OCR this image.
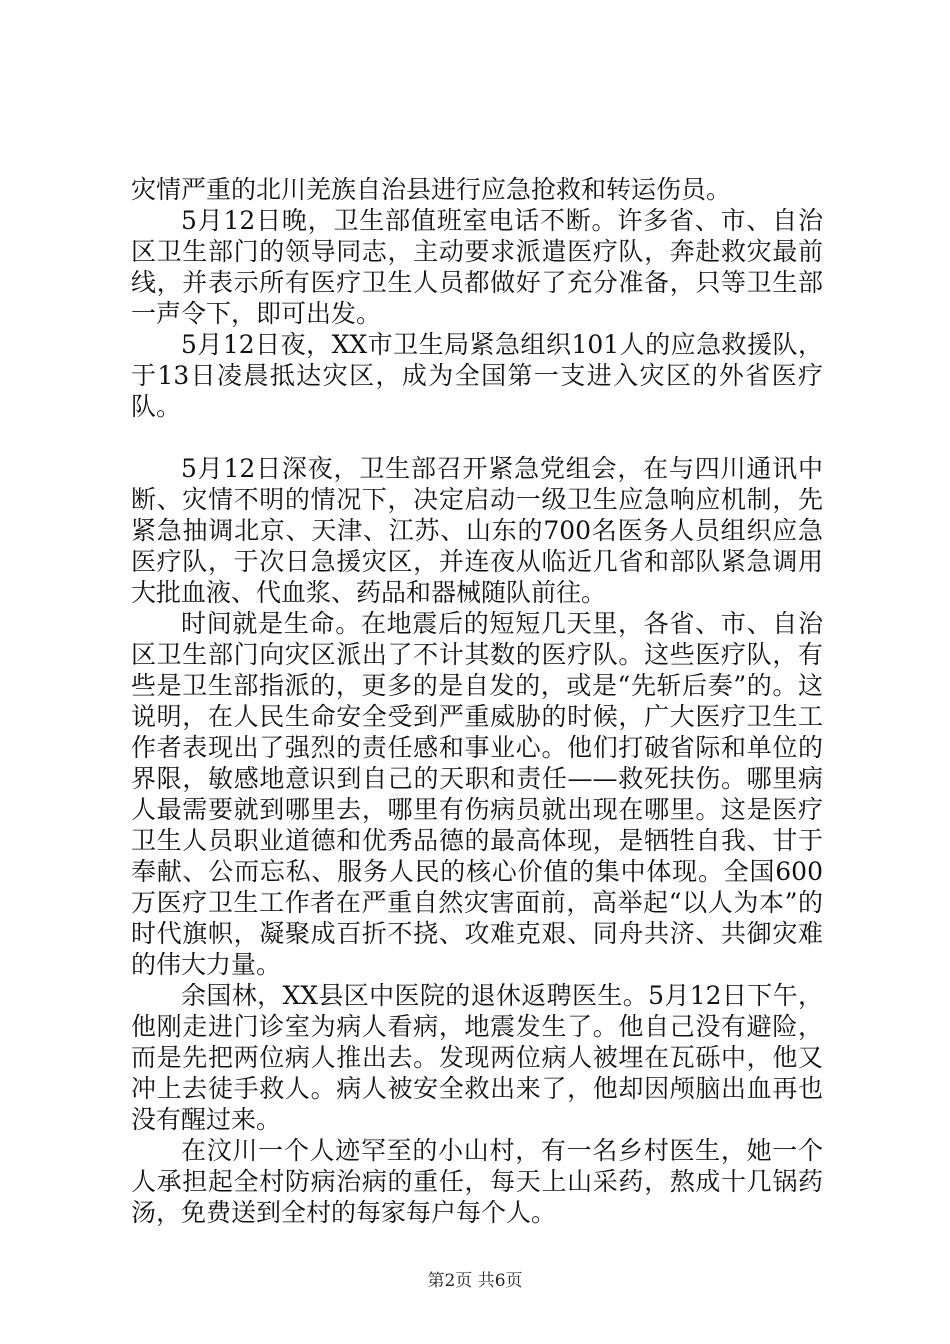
灾情严重的北川羌族自治县进行应急抢救和转运伤员。

5月12日晚，卫生部值班室电话不断。许多省、市、自治区卫生部门的领导同志，主动要求派遣医疗队，奔赴救灾最前线，并表示所有医疗卫生人员都做好了充分准备，只等卫生部一声令下，即可出发。

5月12日夜，XX市卫生局紧急组织101人的应急救援队，于13日凌晨抵达灾区，成为全国第一支进入灾区的外省医疗队。

5月12日深夜，卫生部召开紧急党组会，在与四川通讯中断、灾情不明的情况下，决定启动一级卫生应急响应机制，先紧急抽调北京、天津、江苏、山东的700名医务人员组织应急医疗队，于次日急援灾区，并连夜从临近几省和部队紧急调用大批血液、代血浆、药品和器械随队前往。

时间就是生命。在地震后的短短几天里，各省、市、自治区卫生部门向灾区派出了不计其数的医疗队。这些医疗队，有些是卫生部指派的，更多的是自发的，或是“先斩后奏”的。这说明，在人民生命安全受到严重威胁的时候，广大医疗卫生工作者表现出了强烈的责任感和事业心。他们打破省际和单位的界限，敏感地意识到自己的天职和责任——救死扶伤。哪里病人最需要就到哪里去，哪里有伤病员就出现在哪里。这是医疗卫生人员职业道德和优秀品德的最高体现，是牺牲自我、甘于奉献、公而忘私、服务人民的核心价值的集中体现。全国600万医疗卫生工作者在严重自然灾害面前，高举起“以人为本”的时代旗帜，凝聚成百折不挠、攻难克艰、同舟共济、共御灾难的伟大力量。

余国林，XX县区中医院的退休返聘医生。5月12日下午，他刚走进门诊室为病人看病，地震发生了。他自己没有避险，而是先把两位病人推出去。发现两位病人被埋在瓦砾中，他又冲上去徒手救人。病人被安全救出来了，他却因颅脑出血再也没有醒过来。

在汶川一个人迹罕至的小山村，有一名乡村医生，她一个人承担起全村防病治病的重任，每天上山采药，熬成十几锅药汤，免费送到全村的每家每户每个人。

第2页 共6页
